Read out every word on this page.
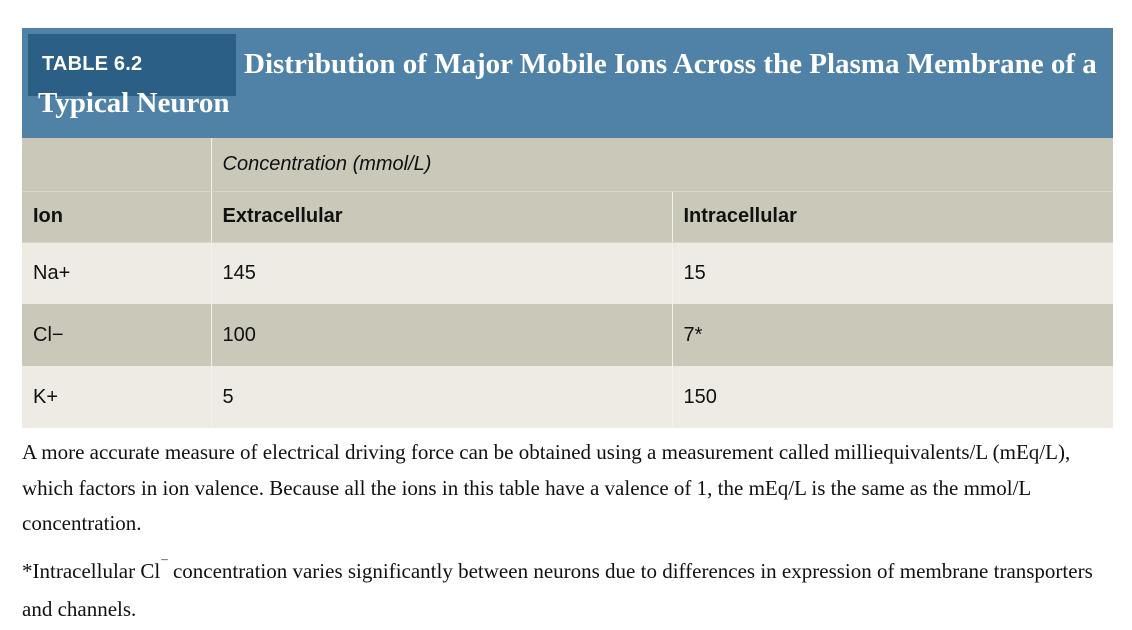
TABLE 6.2	Distribution of Major Mobile Ions Across the Plasma Membrane of a Typical Neuron
	Concentration (mmol/L)	
Ion	Extracellular	Intracellular
Na+	145	15
Cl−	100	7*
K+	5	150
A more accurate measure of electrical driving force can be obtained using a measurement called milliequivalents/L (mEq/L), which factors in ion valence. Because all the ions in this table have a valence of 1, the mEq/L is the same as the mmol/L concentration.
*Intracellular Cl¯ concentration varies significantly between neurons due to differences in expression of membrane transporters and channels.
